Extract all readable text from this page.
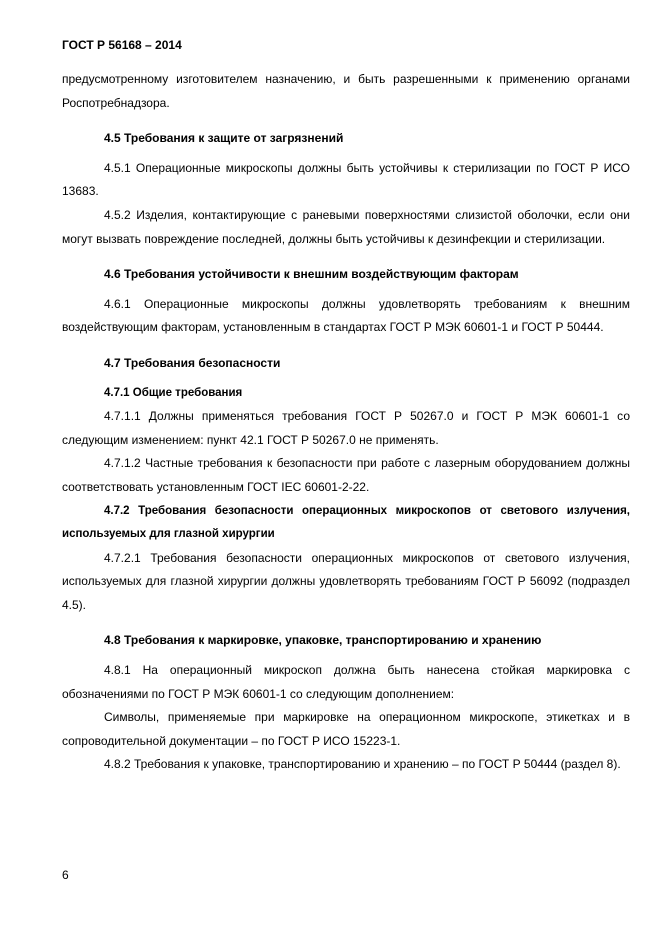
ГОСТ Р 56168 – 2014

предусмотренному изготовителем назначению, и быть разрешенными к применению органами Роспотребнадзора.

4.5 Требования к защите от загрязнений

4.5.1 Операционные микроскопы должны быть устойчивы к стерилизации по ГОСТ Р ИСО 13683.

4.5.2 Изделия, контактирующие с раневыми поверхностями слизистой оболочки, если они могут вызвать повреждение последней, должны быть устойчивы к дезинфекции и стерилизации.

4.6 Требования устойчивости к внешним воздействующим факторам

4.6.1 Операционные микроскопы должны удовлетворять требованиям к внешним воздействующим факторам, установленным в стандартах ГОСТ Р МЭК 60601-1 и ГОСТ Р 50444.

4.7 Требования безопасности

4.7.1 Общие требования

4.7.1.1 Должны применяться требования ГОСТ Р 50267.0 и ГОСТ Р МЭК 60601-1 со следующим изменением: пункт 42.1 ГОСТ Р 50267.0 не применять.

4.7.1.2 Частные требования к безопасности при работе с лазерным оборудованием должны соответствовать установленным ГОСТ IEC 60601-2-22.

4.7.2 Требования безопасности операционных микроскопов от светового излучения, используемых для глазной хирургии

4.7.2.1 Требования безопасности операционных микроскопов от светового излучения, используемых для глазной хирургии должны удовлетворять требованиям ГОСТ Р 56092 (подраздел 4.5).

4.8 Требования к маркировке, упаковке, транспортированию и хранению

4.8.1 На операционный микроскоп должна быть нанесена стойкая маркировка с обозначениями по ГОСТ Р МЭК 60601-1 со следующим дополнением:

Символы, применяемые при маркировке на операционном микроскопе, этикетках и в сопроводительной документации – по ГОСТ Р ИСО 15223-1.

4.8.2 Требования к упаковке, транспортированию и хранению – по ГОСТ Р 50444 (раздел 8).

6
